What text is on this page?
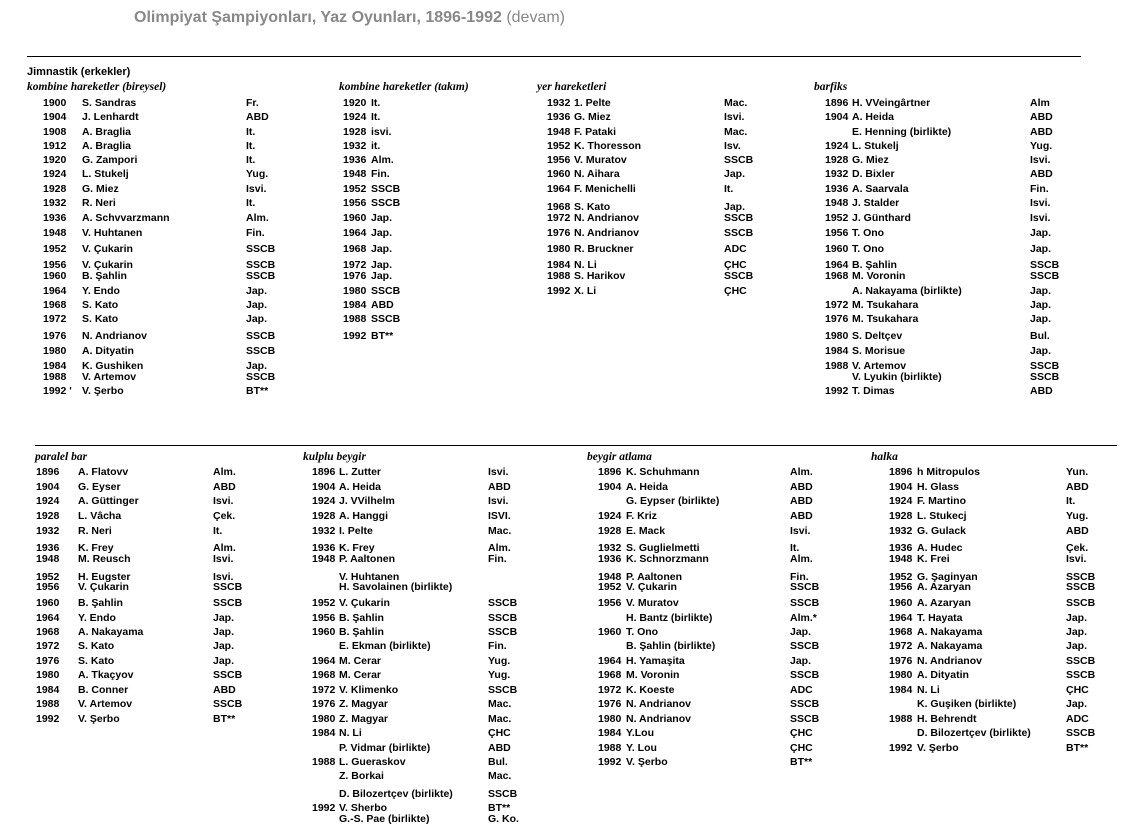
Olimpiyat Şampiyonları, Yaz Oyunları, 1896-1992 (devam)
Jimnastik (erkekler)
kombine hareketler (bireysel)
1900 S. Sandras	Fr.
1904 J. Lenhardt	ABD
1908 A. Braglia	It.
1912 A. Braglia	It.
1920 G. Zampori	It.
1924 L. Stukelj	Yug.
1928 G. Miez	Isvi.
1932 R. Neri	It.
1936 A. Schvvarzmann	Alm.
1948 V. Huhtanen	Fin.
1952 V. Çukarin	SSCB
1956 V. Çukarin	SSCB
1960 B. Şahlin	SSCB
1964 Y. Endo	Jap.
1968 S. Kato	Jap.
1972 S. Kato	Jap.
1976 N. Andrianov	SSCB
1980 A. Dityatin	SSCB
1984 K. Gushiken	Jap.
1988 V. Artemov	SSCB
1992 ' V. Şerbo	BT**
kombine hareketler (takım)
1920 It.
1924 It.
1928 isvi.
1932 it.
1936 Alm.
1948 Fin.
1952 SSCB
1956 SSCB
1960 Jap.
1964 Jap.
1968 Jap.
1972 Jap.
1976 Jap.
1980 SSCB
1984 ABD
1988 SSCB
1992 BT**
yer hareketleri
1932 1. Pelte	Mac.
1936 G. Miez	Isvi.
1948 F. Pataki	Mac.
1952 K. Thoresson	Isv.
1956 V. Muratov	SSCB
1960 N. Aihara	Jap.
1964 F. Menichelli	It.
1968 S. Kato	Jap.
1972 N. Andrianov	SSCB
1976 N. Andrianov	SSCB
1980 R. Bruckner	ADC
1984 N. Li	ÇHC
1988 S. Harikov	SSCB
1992 X. Li	ÇHC
barfiks
1896 H. VVeingârtner	Alm
1904 A. Heida	ABD
E. Henning (birlikte)	ABD
1924 L. Stukelj	Yug.
1928 G. Miez	Isvi.
1932 D. Bixler	ABD
1936 A. Saarvala	Fin.
1948 J. Stalder	Isvi.
1952 J. Günthard	Isvi.
1956 T. Ono	Jap.
1960 T. Ono	Jap.
1964 B. Şahlin	SSCB
1968 M. Voronin	SSCB
A. Nakayama (birlikte)	Jap.
1972 M. Tsukahara	Jap.
1976 M. Tsukahara	Jap.
1980 S. Deltçev	Bul.
1984 S. Morisue	Jap.
1988 V. Artemov	SSCB
V. Lyukin (birlikte)	SSCB
1992 T. Dimas	ABD
paralel bar
1896 A. Flatovv	Alm.
1904 G. Eyser	ABD
1924 A. Güttinger	Isvi.
1928 L. Vâcha	Çek.
1932 R. Neri	It.
1936 K. Frey	Alm.
1948 M. Reusch	Isvi.
1952 H. Eugster	Isvi.
1956 V. Çukarin	SSCB
1960 B. Şahlin	SSCB
1964 Y. Endo	Jap.
1968 A. Nakayama	Jap.
1972 S. Kato	Jap.
1976 S. Kato	Jap.
1980 A. Tkaçyov	SSCB
1984 B. Conner	ABD
1988 V. Artemov	SSCB
1992 V. Şerbo	BT**
kulplu beygir
1896 L. Zutter	Isvi.
1904 A. Heida	ABD
1924 J. VVilhelm	Isvi.
1928 A. Hanggi	ISVI.
1932 I. Pelte	Mac.
1936 K. Frey	Alm.
1948 P. Aaltonen	Fin.
V. Huhtanen
H. Savolainen (birlikte)
1952 V. Çukarin	SSCB
1956 B. Şahlin	SSCB
1960 B. Şahlin	SSCB
E. Ekman (birlikte)	Fin.
1964 M. Cerar	Yug.
1968 M. Cerar	Yug.
1972 V. Klimenko	SSCB
1976 Z. Magyar	Mac.
1980 Z. Magyar	Mac.
1984 N. Li	ÇHC
P. Vidmar (birlikte)	ABD
1988 L. Gueraskov	Bul.
Z. Borkai	Mac.
D. Bilozertçev (birlikte)	SSCB
1992 V. Sherbo	BT**
G.-S. Pae (birlikte)	G. Ko.
beygir atlama
1896 K. Schuhmann	Alm.
1904 A. Heida	ABD
G. Eypser (birlikte)	ABD
1924 F. Kriz	ABD
1928 E. Mack	Isvi.
1932 S. Guglielmetti	It.
1936 K. Schnorzmann	Alm.
1948 P. Aaltonen	Fin.
1952 V. Çukarin	SSCB
1956 V. Muratov	SSCB
H. Bantz (birlikte)	Alm.*
1960 T. Ono	Jap.
B. Şahlin (birlikte)	SSCB
1964 H. Yamaşita	Jap.
1968 M. Voronin	SSCB
1972 K. Koeste	ADC
1976 N. Andrianov	SSCB
1980 N. Andrianov	SSCB
1984 Y.Lou	ÇHC
1988 Y. Lou	ÇHC
1992 V. Şerbo	BT**
halka
1896 h Mitropulos	Yun.
1904 H. Glass	ABD
1924 F. Martino	It.
1928 L. Stukecj	Yug.
1932 G. Gulack	ABD
1936 A. Hudec	Çek.
1948 K. Frei	Isvi.
1952 G. Şaginyan	SSCB
1956 A. Azaryan	SSCB
1960 A. Azaryan	SSCB
1964 T. Hayata	Jap.
1968 A. Nakayama	Jap.
1972 A. Nakayama	Jap.
1976 N. Andrianov	SSCB
1980 A. Dityatin	SSCB
1984 N. Li	ÇHC
K. Guşiken (birlikte)	Jap.
1988 H. Behrendt	ADC
D. Bilozertçev (birlikte)	SSCB
1992 V. Şerbo	BT**
